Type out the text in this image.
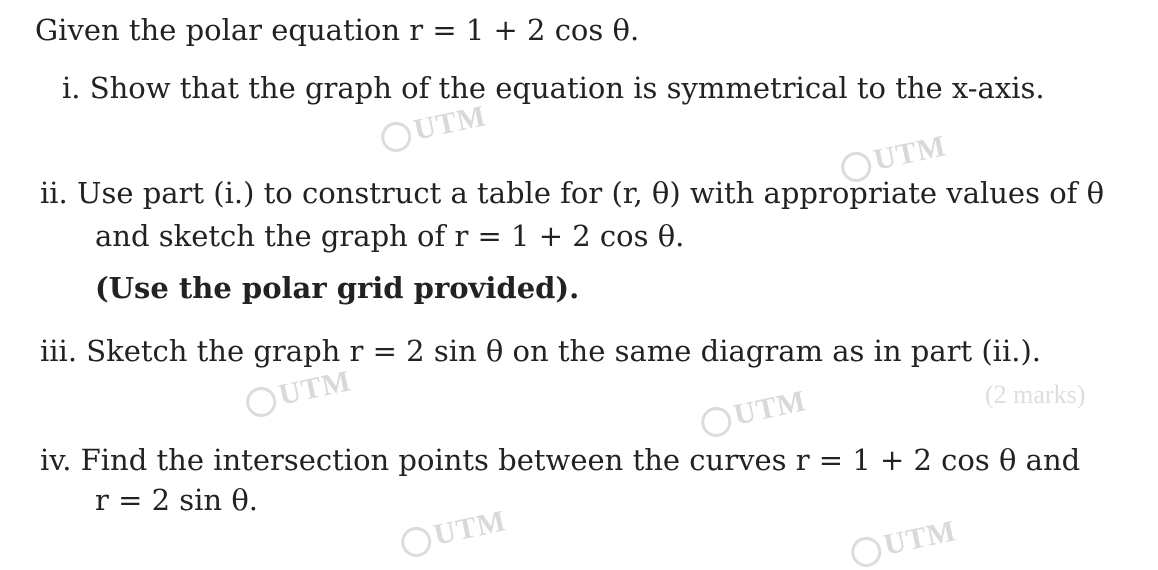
UTM
UTM
UTM	UTM
UTM	UTM
Given the polar equation r = 1 + 2 cos θ.
i. Show that the graph of the equation is symmetrical to the x-axis.
ii. Use part (i.) to construct a table for (r, θ) with appropriate values of θ
and sketch the graph of r = 1 + 2 cos θ.
(Use the polar grid provided).
iii. Sketch the graph r = 2 sin θ on the same diagram as in part (ii.).
(2 marks)
iv. Find the intersection points between the curves r = 1 + 2 cos θ and
r = 2 sin θ.
